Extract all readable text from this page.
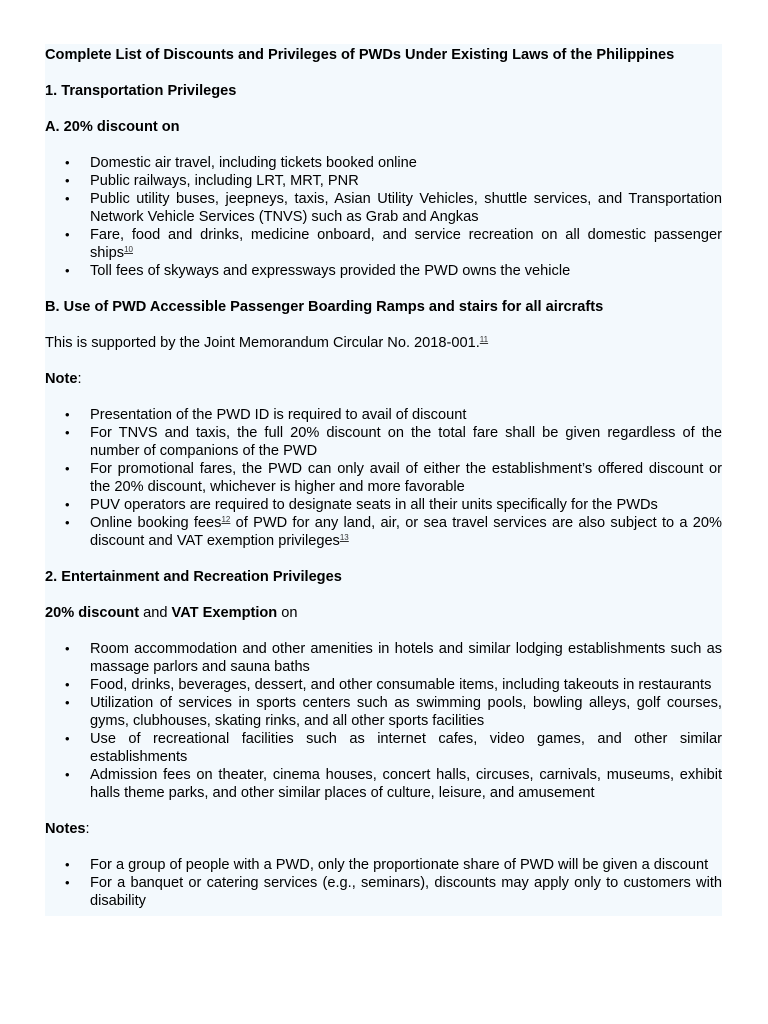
Complete List of Discounts and Privileges of PWDs Under Existing Laws of the Philippines

1. Transportation Privileges

A. 20% discount on

• Domestic air travel, including tickets booked online
• Public railways, including LRT, MRT, PNR
• Public utility buses, jeepneys, taxis, Asian Utility Vehicles, shuttle services, and Transportation Network Vehicle Services (TNVS) such as Grab and Angkas
• Fare, food and drinks, medicine onboard, and service recreation on all domestic passenger ships$^{10}$
• Toll fees of skyways and expressways provided the PWD owns the vehicle

B. Use of PWD Accessible Passenger Boarding Ramps and stairs for all aircrafts

This is supported by the Joint Memorandum Circular No. 2018-001.11

Note:

• Presentation of the PWD ID is required to avail of discount
• For TNVS and taxis, the full 20% discount on the total fare shall be given regardless of the number of companions of the PWD
• For promotional fares, the PWD can only avail of either the establishment’s offered discount or the 20% discount, whichever is higher and more favorable
• PUV operators are required to designate seats in all their units specifically for the PWDs
• Online booking fees$^{12}$ of PWD for any land, air, or sea travel services are also subject to a 20% discount and VAT exemption privileges$^{13}$

2. Entertainment and Recreation Privileges

20% discount and VAT Exemption on

• Room accommodation and other amenities in hotels and similar lodging establishments such as massage parlors and sauna baths
• Food, drinks, beverages, dessert, and other consumable items, including takeouts in restaurants
• Utilization of services in sports centers such as swimming pools, bowling alleys, golf courses, gyms, clubhouses, skating rinks, and all other sports facilities
• Use of recreational facilities such as internet cafes, video games, and other similar establishments
• Admission fees on theater, cinema houses, concert halls, circuses, carnivals, museums, exhibit halls theme parks, and other similar places of culture, leisure, and amusement

Notes:

• For a group of people with a PWD, only the proportionate share of PWD will be given a discount
• For a banquet or catering services (e.g., seminars), discounts may apply only to customers with disability
